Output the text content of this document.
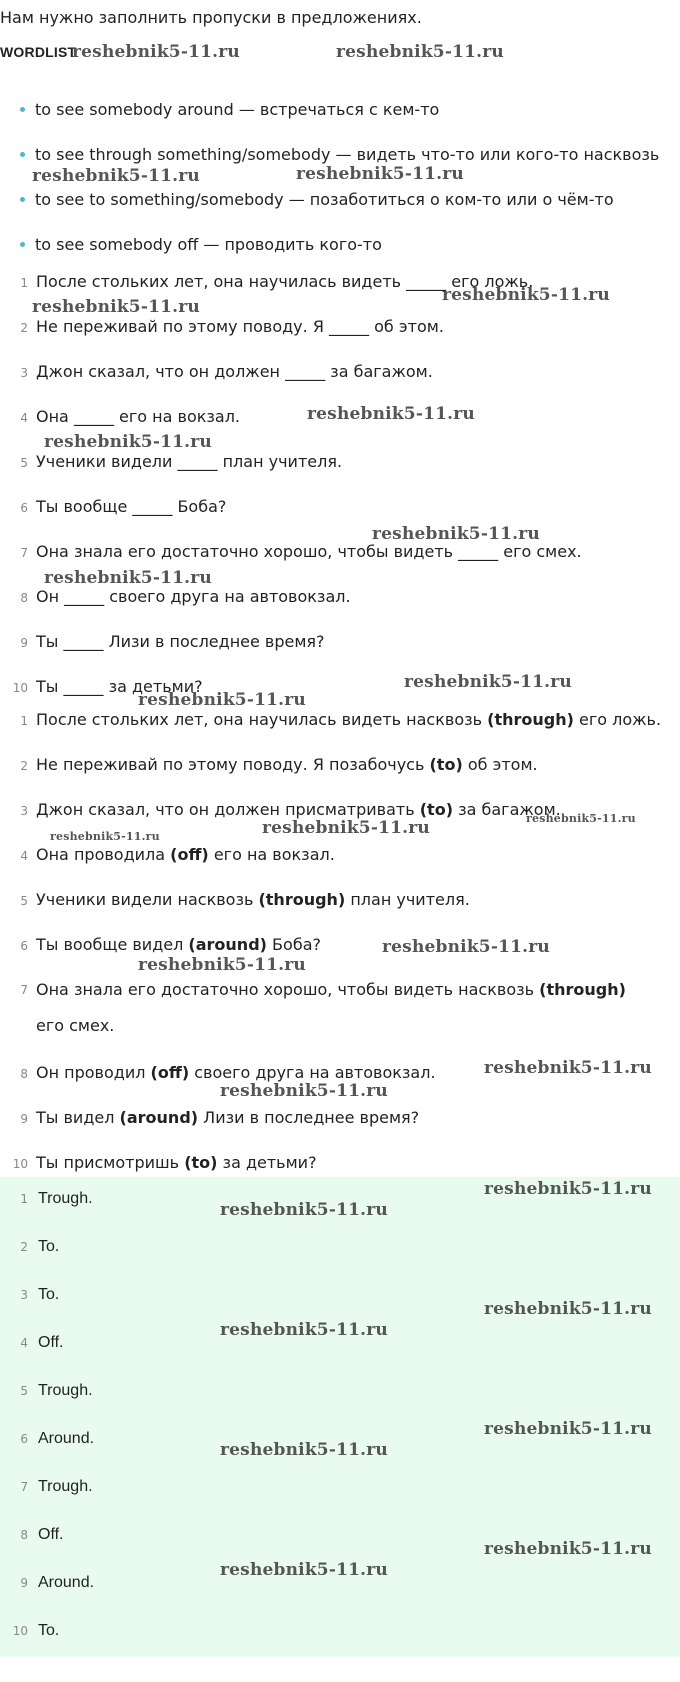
Нам нужно заполнить пропуски в предложениях.
WORDLIST
to see somebody around — встречаться с кем-то
to see through something/somebody — видеть что-то или кого-то насквозь
to see to something/somebody — позаботиться о ком-то или о чём-то
to see somebody off — проводить кого-то
1 После стольких лет, она научилась видеть _____ его ложь.
2 Не переживай по этому поводу. Я _____ об этом.
3 Джон сказал, что он должен _____ за багажом.
4 Она _____ его на вокзал.
5 Ученики видели _____ план учителя.
6 Ты вообще _____ Боба?
7 Она знала его достаточно хорошо, чтобы видеть _____ его смех.
8 Он _____ своего друга на автовокзал.
9 Ты _____ Лизи в последнее время?
10 Ты _____ за детьми?
1 После стольких лет, она научилась видеть насквозь (through) его ложь.
2 Не переживай по этому поводу. Я позабочусь (to) об этом.
3 Джон сказал, что он должен присматривать (to) за багажом.
4 Она проводила (off) его на вокзал.
5 Ученики видели насквозь (through) план учителя.
6 Ты вообще видел (around) Боба?
7 Она знала его достаточно хорошо, чтобы видеть насквозь (through) его смех.
8 Он проводил (off) своего друга на автовокзал.
9 Ты видел (around) Лизи в последнее время?
10 Ты присмотришь (to) за детьми?
1 Trough.
2 To.
3 To.
4 Off.
5 Trough.
6 Around.
7 Trough.
8 Off.
9 Around.
10 To.
reshebnik5-11.ru	reshebnik5-11.ru
reshebnik5-11.ru	reshebnik5-11.ru
reshebnik5-11.ru
reshebnik5-11.ru
reshebnik5-11.ru
reshebnik5-11.ru
reshebnik5-11.ru
reshebnik5-11.ru
reshebnik5-11.ru
reshebnik5-11.ru
reshebnik5-11.ru
reshebnik5-11.ru
reshebnik5-11.ru
reshebnik5-11.ru
reshebnik5-11.ru
reshebnik5-11.ru
reshebnik5-11.ru
reshebnik5-11.ru
reshebnik5-11.ru
reshebnik5-11.ru
reshebnik5-11.ru
reshebnik5-11.ru
reshebnik5-11.ru
reshebnik5-11.ru
reshebnik5-11.ru
